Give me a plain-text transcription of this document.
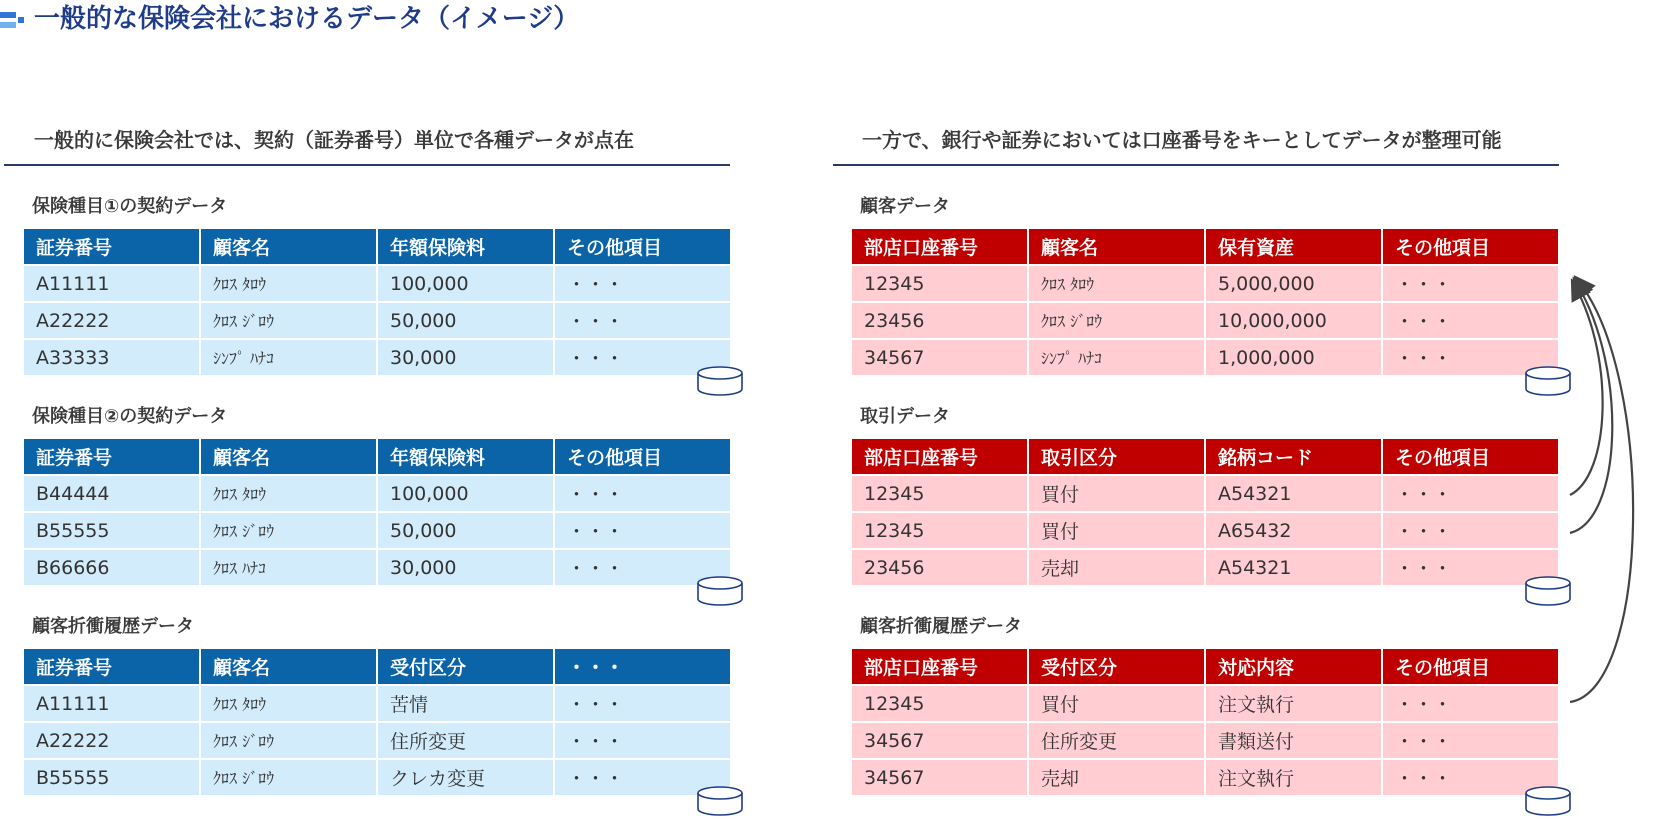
一般的な保険会社におけるデータ（イメージ）
一般的に保険会社では、契約（証券番号）単位で各種データが点在	一方で、銀行や証券においては口座番号をキーとしてデータが整理可能
保険種目①の契約データ
証券番号	顧客名	年額保険料	その他項目
A11111	ｸﾛｽ ﾀﾛｳ	100,000	・・・
A22222	ｸﾛｽ ｼﾞﾛｳ	50,000	・・・
A33333	ｼﾝﾌﾟ ﾊﾅｺ	30,000	・・・
保険種目②の契約データ
証券番号	顧客名	年額保険料	その他項目
B44444	ｸﾛｽ ﾀﾛｳ	100,000	・・・
B55555	ｸﾛｽ ｼﾞﾛｳ	50,000	・・・
B66666	ｸﾛｽ ﾊﾅｺ	30,000	・・・
顧客折衝履歴データ
証券番号	顧客名	受付区分	・・・
A11111	ｸﾛｽ ﾀﾛｳ	苦情	・・・
A22222	ｸﾛｽ ｼﾞﾛｳ	住所変更	・・・
B55555	ｸﾛｽ ｼﾞﾛｳ	クレカ変更	・・・
顧客データ
部店口座番号	顧客名	保有資産	その他項目
12345	ｸﾛｽ ﾀﾛｳ	5,000,000	・・・
23456	ｸﾛｽ ｼﾞﾛｳ	10,000,000	・・・
34567	ｼﾝﾌﾟ ﾊﾅｺ	1,000,000	・・・
取引データ
部店口座番号	取引区分	銘柄コード	その他項目
12345	買付	A54321	・・・
12345	買付	A65432	・・・
23456	売却	A54321	・・・
顧客折衝履歴データ
部店口座番号	受付区分	対応内容	その他項目
12345	買付	注文執行	・・・
34567	住所変更	書類送付	・・・
34567	売却	注文執行	・・・
